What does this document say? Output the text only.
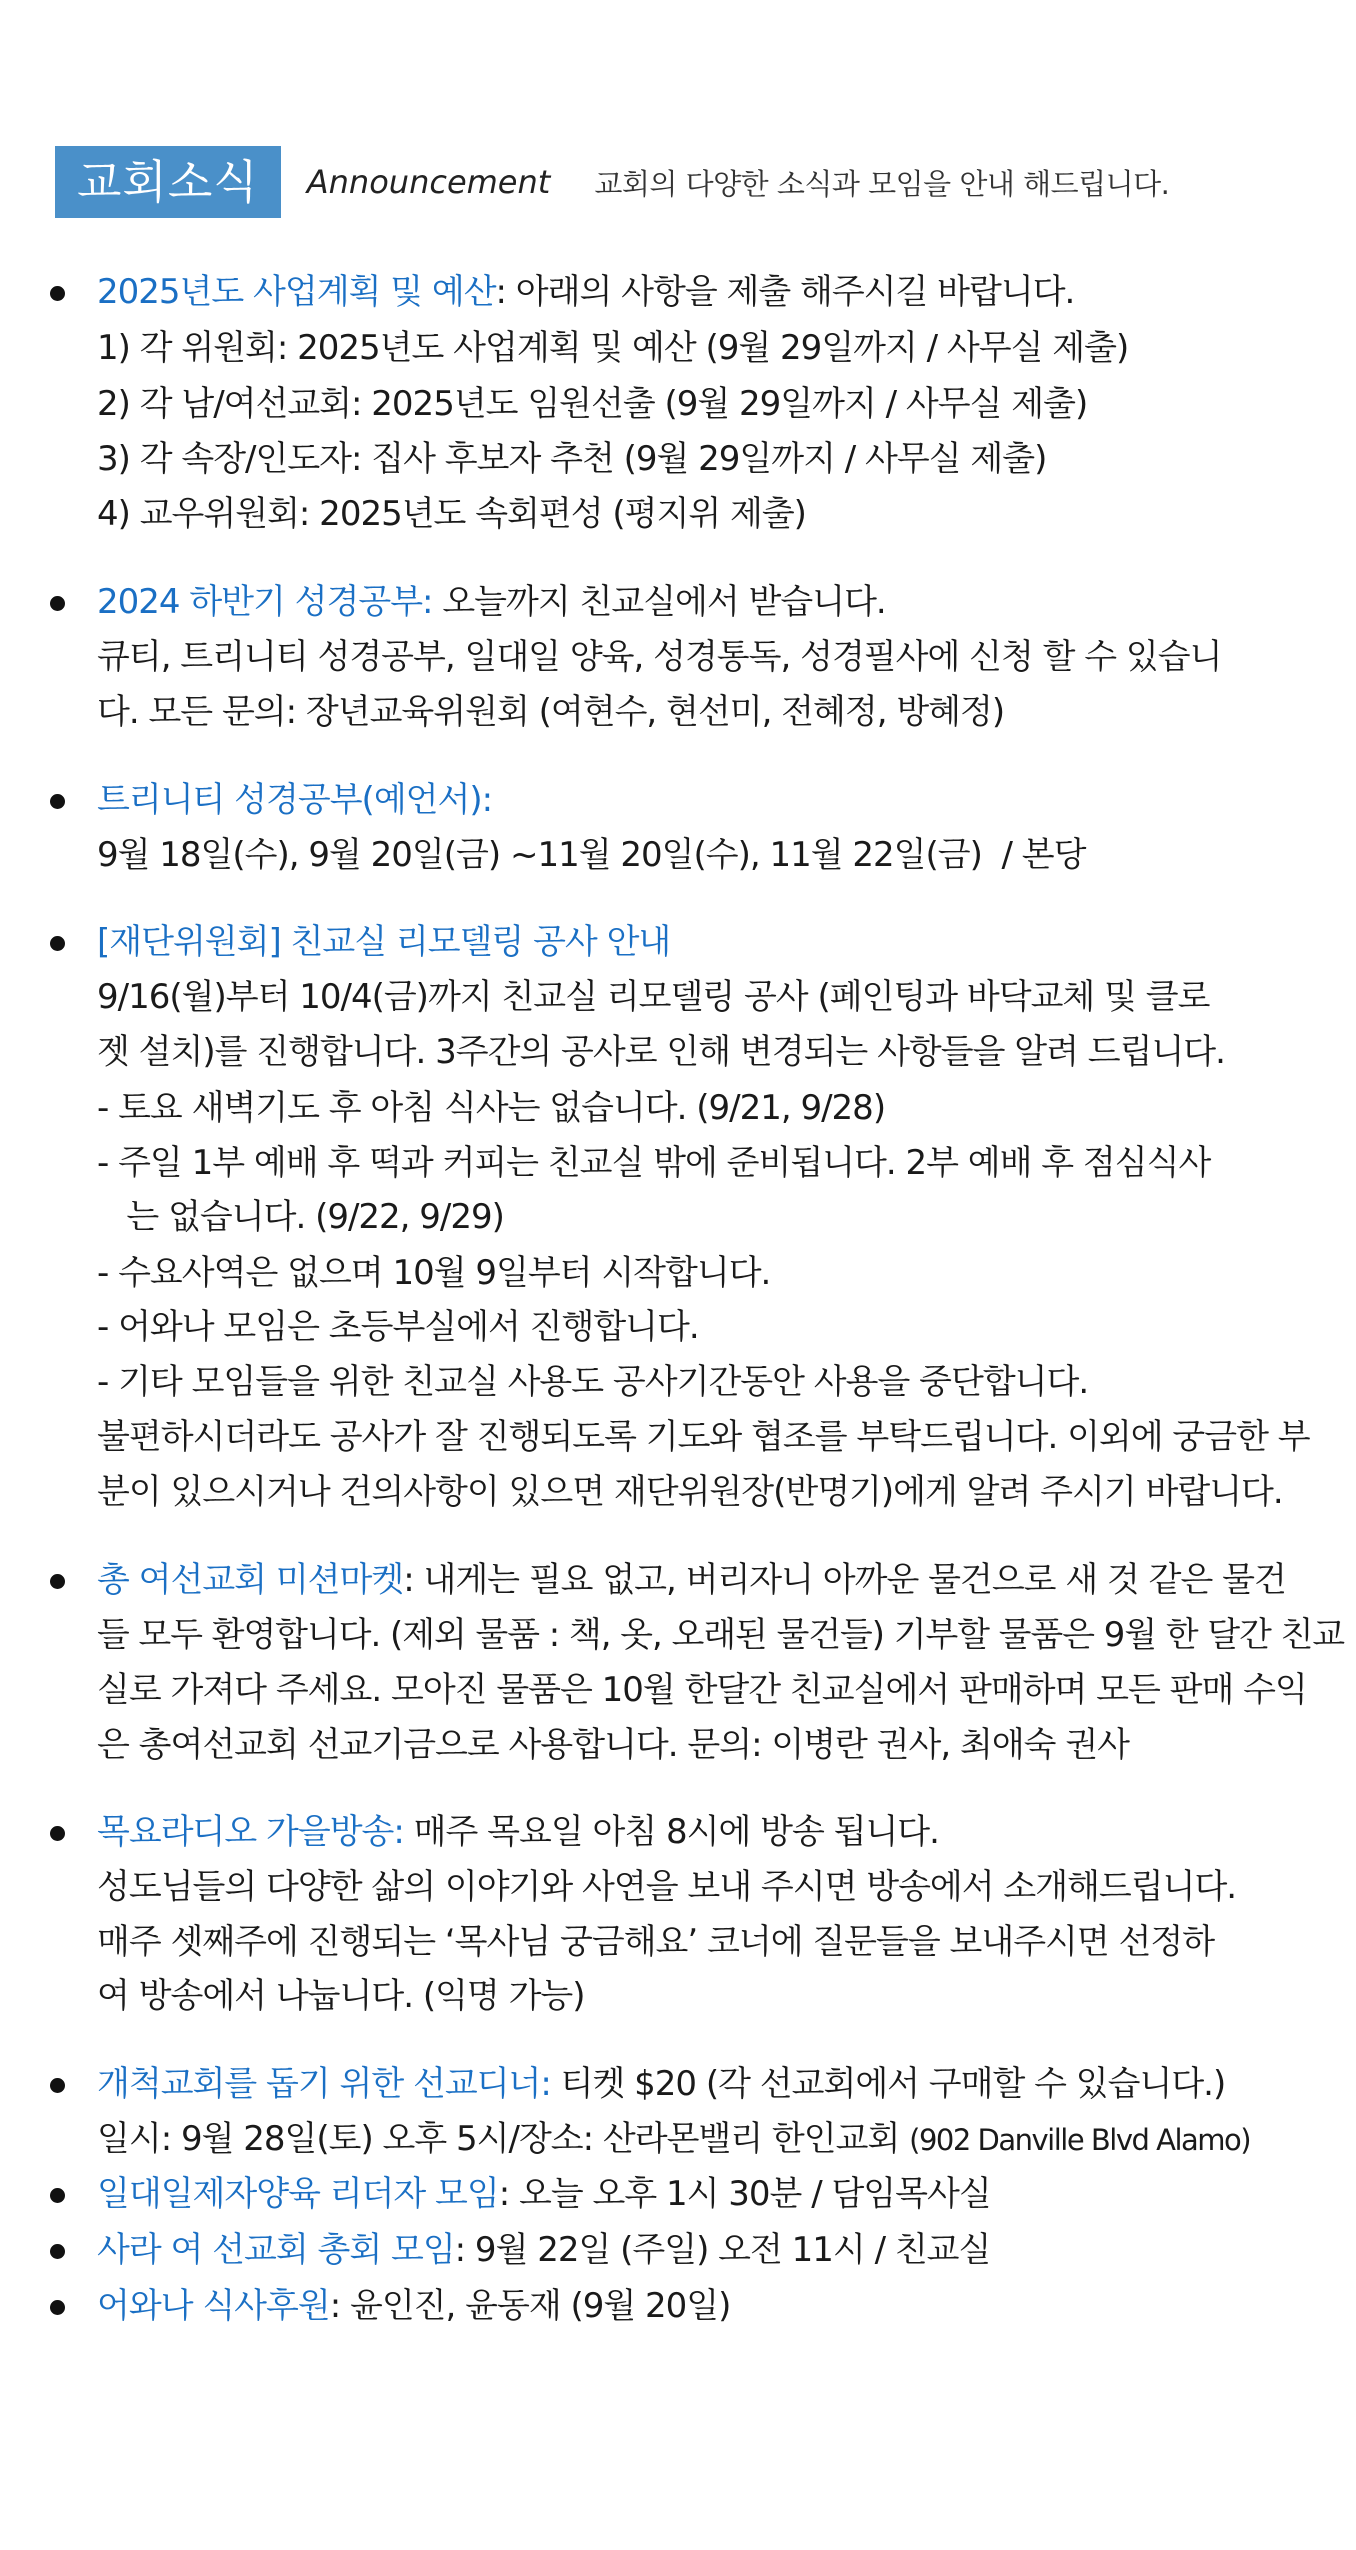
교회소식	Announcement 교회의 다양한 소식과 모임을 안내 해드립니다.
2025년도 사업계획 및 예산: 아래의 사항을 제출 해주시길 바랍니다.
1) 각 위원회: 2025년도 사업계획 및 예산 (9월 29일까지 / 사무실 제출)
2) 각 남/여선교회: 2025년도 임원선출 (9월 29일까지 / 사무실 제출)
3) 각 속장/인도자: 집사 후보자 추천 (9월 29일까지 / 사무실 제출)
4) 교우위원회: 2025년도 속회편성 (평지위 제출)
2024 하반기 성경공부: 오늘까지 친교실에서 받습니다.
큐티, 트리니티 성경공부, 일대일 양육, 성경통독, 성경필사에 신청 할 수 있습니
다. 모든 문의: 장년교육위원회 (여현수, 현선미, 전혜정, 방혜정)
트리니티 성경공부(예언서):
9월 18일(수), 9월 20일(금) ~11월 20일(수), 11월 22일(금)  / 본당
[재단위원회] 친교실 리모델링 공사 안내
9/16(월)부터 10/4(금)까지 친교실 리모델링 공사 (페인팅과 바닥교체 및 클로
젯 설치)를 진행합니다. 3주간의 공사로 인해 변경되는 사항들을 알려 드립니다.
- 토요 새벽기도 후 아침 식사는 없습니다. (9/21, 9/28)
- 주일 1부 예배 후 떡과 커피는 친교실 밖에 준비됩니다. 2부 예배 후 점심식사
는 없습니다. (9/22, 9/29)
- 수요사역은 없으며 10월 9일부터 시작합니다.
- 어와나 모임은 초등부실에서 진행합니다.
- 기타 모임들을 위한 친교실 사용도 공사기간동안 사용을 중단합니다.
불편하시더라도 공사가 잘 진행되도록 기도와 협조를 부탁드립니다. 이외에 궁금한 부
분이 있으시거나 건의사항이 있으면 재단위원장(반명기)에게 알려 주시기 바랍니다.
총 여선교회 미션마켓: 내게는 필요 없고, 버리자니 아까운 물건으로 새 것 같은 물건
들 모두 환영합니다. (제외 물품 : 책, 옷, 오래된 물건들) 기부할 물품은 9월 한 달간 친교
실로 가져다 주세요. 모아진 물품은 10월 한달간 친교실에서 판매하며 모든 판매 수익
은 총여선교회 선교기금으로 사용합니다. 문의: 이병란 권사, 최애숙 권사
목요라디오 가을방송: 매주 목요일 아침 8시에 방송 됩니다.
성도님들의 다양한 삶의 이야기와 사연을 보내 주시면 방송에서 소개해드립니다.
매주 셋째주에 진행되는 ‘목사님 궁금해요’ 코너에 질문들을 보내주시면 선정하
여 방송에서 나눕니다. (익명 가능)
개척교회를 돕기 위한 선교디너: 티켓 $20 (각 선교회에서 구매할 수 있습니다.)
일시: 9월 28일(토) 오후 5시/장소: 산라몬밸리 한인교회 (902 Danville Blvd Alamo)
일대일제자양육 리더자 모임: 오늘 오후 1시 30분 / 담임목사실
사라 여 선교회 총회 모임: 9월 22일 (주일) 오전 11시 / 친교실
어와나 식사후원: 윤인진, 윤동재 (9월 20일)
